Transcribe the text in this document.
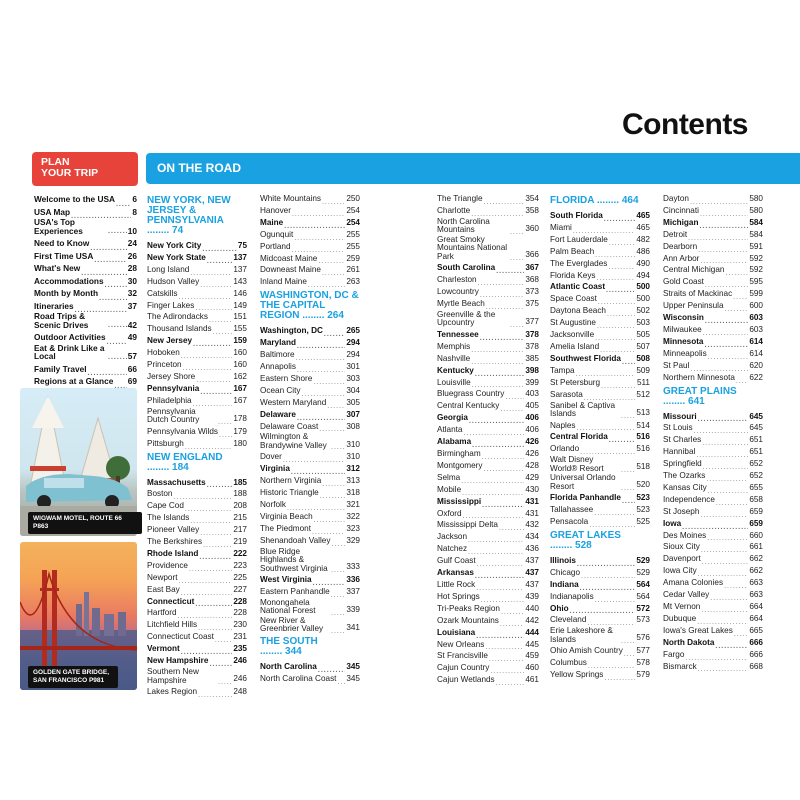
Contents
PLAN
YOUR TRIP	ON THE ROAD
Welcome to the USA ..... 6
USA Map .....	8
USA's Top Experiences .....	10
Need to Know .....	24
First Time USA .....	26
What's New .....	28
Accommodations .....	30
Month by Month .....	32
Itineraries .....	37
Road Trips & Scenic Drives .....	42
Outdoor Activities .....	49
Eat & Drink Like a Local .....	57
Family Travel .....	66
Regions at a Glance ..... 69
WIGWAM MOTEL, ROUTE 66
P863
GOLDEN GATE BRIDGE,
SAN FRANCISCO P981
NEW YORK, NEW JERSEY & PENNSYLVANIA ........ 74
New York City .....	75
New York State .....	137
Long Island .....	137
Hudson Valley .....	143
Catskills .....	146
Finger Lakes .....	149
The Adirondacks .....	151
Thousand Islands .....	155
New Jersey .....	159
Hoboken .....	160
Princeton .....	160
Jersey Shore .....	162
Pennsylvania .....	167
Philadelphia .....	167
Pennsylvania Dutch Country .....	178
Pennsylvania Wilds ..... 179
Pittsburgh .....	180
NEW ENGLAND ........ 184
Massachusetts .....	185
Boston .....	188
Cape Cod .....	208
The Islands .....	215
Pioneer Valley .....	217
The Berkshires .....	219
Rhode Island .....	222
Providence .....	223
Newport .....	225
East Bay .....	227
Connecticut .....	228
Hartford .....	228
Litchfield Hills .....	230
Connecticut Coast ..... 231
Vermont .....	235
New Hampshire .....	246
Southern New Hampshire .....	246
Lakes Region .....	248
White Mountains .....	250
Hanover .....	254
Maine .....	254
Ogunquit .....	255
Portland .....	255
Midcoast Maine .....	259
Downeast Maine .....	261
Inland Maine .....	263
WASHINGTON, DC & THE CAPITAL REGION ........ 264
Washington, DC .....	265
Maryland .....	294
Baltimore .....	294
Annapolis .....	301
Eastern Shore .....	303
Ocean City .....	304
Western Maryland ..... 305
Delaware .....	307
Delaware Coast .....	308
Wilmington & Brandywine Valley .....	310
Dover .....	310
Virginia .....	312
Northern Virginia .....	313
Historic Triangle .....	318
Norfolk .....	321
Virginia Beach .....	322
The Piedmont .....	323
Shenandoah Valley ..... 329
Blue Ridge Highlands & Southwest Virginia ..... 333
West Virginia .....	336
Eastern Panhandle ..... 337
Monongahela National Forest .....	339
New River & Greenbrier Valley .....	341
THE SOUTH ........ 344
North Carolina .....	345
North Carolina Coast ..... 345
The Triangle .....	354
Charlotte .....	358
North Carolina Mountains .....	360
Great Smoky Mountains National Park .....	366
South Carolina .....	367
Charleston .....	368
Lowcountry .....	373
Myrtle Beach .....	375
Greenville & the Upcountry .....	377
Tennessee .....	378
Memphis .....	378
Nashville .....	385
Kentucky .....	398
Louisville .....	399
Bluegrass Country .....	403
Central Kentucky .....	405
Georgia .....	406
Atlanta .....	406
Alabama .....	426
Birmingham .....	426
Montgomery .....	428
Selma .....	429
Mobile .....	430
Mississippi .....	431
Oxford .....	431
Mississippi Delta .....	432
Jackson .....	434
Natchez .....	436
Gulf Coast .....	437
Arkansas .....	437
Little Rock .....	437
Hot Springs .....	439
Tri-Peaks Region .....	440
Ozark Mountains .....	442
Louisiana .....	444
New Orleans .....	445
St Francisville .....	459
Cajun Country .....	460
Cajun Wetlands .....	461
FLORIDA ........ 464
South Florida .....	465
Miami .....	465
Fort Lauderdale .....	482
Palm Beach .....	486
The Everglades .....	490
Florida Keys .....	494
Atlantic Coast .....	500
Space Coast .....	500
Daytona Beach .....	502
St Augustine .....	503
Jacksonville .....	505
Amelia Island .....	507
Southwest Florida ..... 508
Tampa .....	509
St Petersburg .....	511
Sarasota .....	512
Sanibel & Captiva Islands .....	513
Naples .....	514
Central Florida .....	516
Orlando .....	516
Walt Disney World® Resort .....	518
Universal Orlando Resort .....	520
Florida Panhandle ..... 523
Tallahassee .....	523
Pensacola .....	525
GREAT LAKES ........ 528
Illinois .....	529
Chicago .....	529
Indiana .....	564
Indianapolis .....	564
Ohio .....	572
Cleveland .....	573
Erie Lakeshore & Islands .....	576
Ohio Amish Country ..... 577
Columbus .....	578
Yellow Springs .....	579
Dayton .....	580
Cincinnati .....	580
Michigan .....	584
Detroit .....	584
Dearborn .....	591
Ann Arbor .....	592
Central Michigan .....	592
Gold Coast .....	595
Straits of Mackinac ..... 599
Upper Peninsula .....	600
Wisconsin .....	603
Milwaukee .....	603
Minnesota .....	614
Minneapolis .....	614
St Paul .....	620
Northern Minnesota ..... 622
GREAT PLAINS ........ 641
Missouri .....	645
St Louis .....	645
St Charles .....	651
Hannibal .....	651
Springfield .....	652
The Ozarks .....	652
Kansas City .....	655
Independence .....	658
St Joseph .....	659
Iowa .....	659
Des Moines .....	660
Sioux City .....	661
Davenport .....	662
Iowa City .....	662
Amana Colonies .....	663
Cedar Valley .....	663
Mt Vernon .....	664
Dubuque .....	664
Iowa's Great Lakes ..... 665
North Dakota .....	666
Fargo .....	666
Bismarck .....	668
